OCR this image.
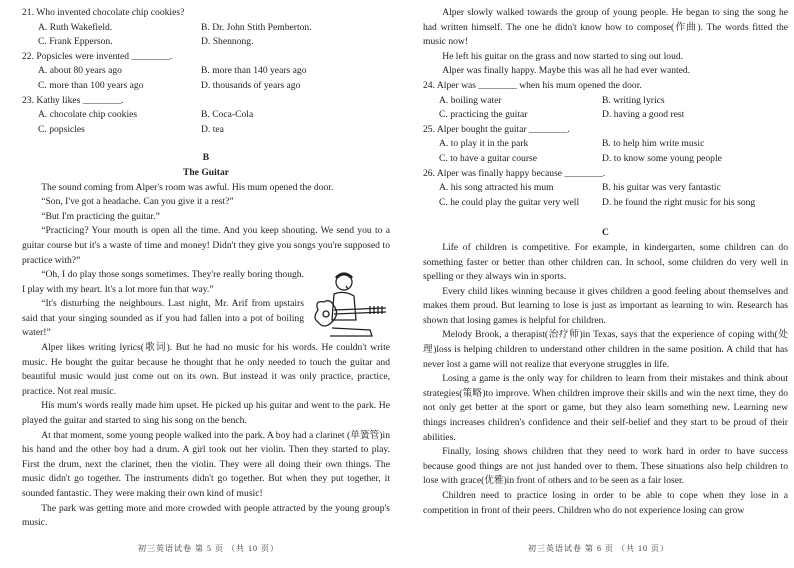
21. Who invented chocolate chip cookies?
A. Ruth Wakefield.	B. Dr. John Stith Pemberton.
C. Frank Epperson.	D. Shennong.
22. Popsicles were invented ________.
A. about 80 years ago	B. more than 140 years ago
C. more than 100 years ago	D. thousands of years ago
23. Kathy likes ________.
A. chocolate chip cookies	B. Coca-Cola
C. popsicles	D. tea
B
The Guitar

The sound coming from Alper's room was awful. His mum opened the door.

“Son, I've got a headache. Can you give it a rest?”

“But I'm practicing the guitar.”

“Practicing? Your mouth is open all the time. And you keep shouting. We send you to a guitar course but it's a waste of time and money! Didn't they give you songs you're supposed to practice with?”

“Oh, I do play those songs sometimes. They're really boring though. I play with my heart. It's a lot more fun that way.”

“It's disturbing the neighbours. Last night, Mr. Arif from upstairs said that your singing sounded as if you had fallen into a pot of boiling water!”

Alper likes writing lyrics(歌词). But he had no music for his words. He couldn't write music. He bought the guitar because he thought that he only needed to touch the guitar and beautiful music would just come out on its own. But instead it was only practice, practice, practice. Not real music.

His mum's words really made him upset. He picked up his guitar and went to the park. He played the guitar and started to sing his song on the bench.

At that moment, some young people walked into the park. A boy had a clarinet (单簧管)in his hand and the other boy had a drum. A girl took out her violin. Then they started to play. First the drum, next the clarinet, then the violin. They were all doing their own things. The music didn't go together. The instruments didn't go together. But when they put together, it sounded fantastic. They were making their own kind of music!

The park was getting more and more crowded with people attracted by the young group's music.

初三英语试卷 第 5 页 （共 10 页）

Alper slowly walked towards the group of young people. He began to sing the song he had written himself. The one he didn't know how to compose(作曲). The words fitted the music now!

He left his guitar on the grass and now started to sing out loud.

Alper was finally happy. Maybe this was all he had ever wanted.

24. Alper was ________ when his mum opened the door.
A. boiling water	B. writing lyrics
C. practicing the guitar	D. having a good rest
25. Alper bought the guitar ________.
A. to play it in the park	B. to help him write music
C. to have a guitar course	D. to know some young people
26. Alper was finally happy because ________.
A. his song attracted his mum	B. his guitar was very fantastic
C. he could play the guitar very well	D. he found the right music for his song
C

Life of children is competitive. For example, in kindergarten, some children can do something faster or better than other children can. In school, some children do very well in spelling or they always win in sports.

Every child likes winning because it gives children a good feeling about themselves and makes them proud. But learning to lose is just as important as learning to win. Research has shown that losing games is helpful for children.

Melody Brook, a therapist(治疗师)in Texas, says that the experience of coping with(处理)loss is helping children to understand other children in the same position. A child that has never lost a game will not realize that everyone struggles in life.

Losing a game is the only way for children to learn from their mistakes and think about strategies(策略)to improve. When children improve their skills and win the next time, they do not only get better at the sport or game, but they also learn something new. Learning new things increases children's confidence and their self-belief and they start to be proud of their abilities.

Finally, losing shows children that they need to work hard in order to have success because good things are not just handed over to them. These situations also help children to lose with grace(优雅)in front of others and to be seen as a fair loser.

Children need to practice losing in order to be able to cope when they lose in a competition in front of their peers. Children who do not experience losing can grow

初三英语试卷 第 6 页 （共 10 页）
